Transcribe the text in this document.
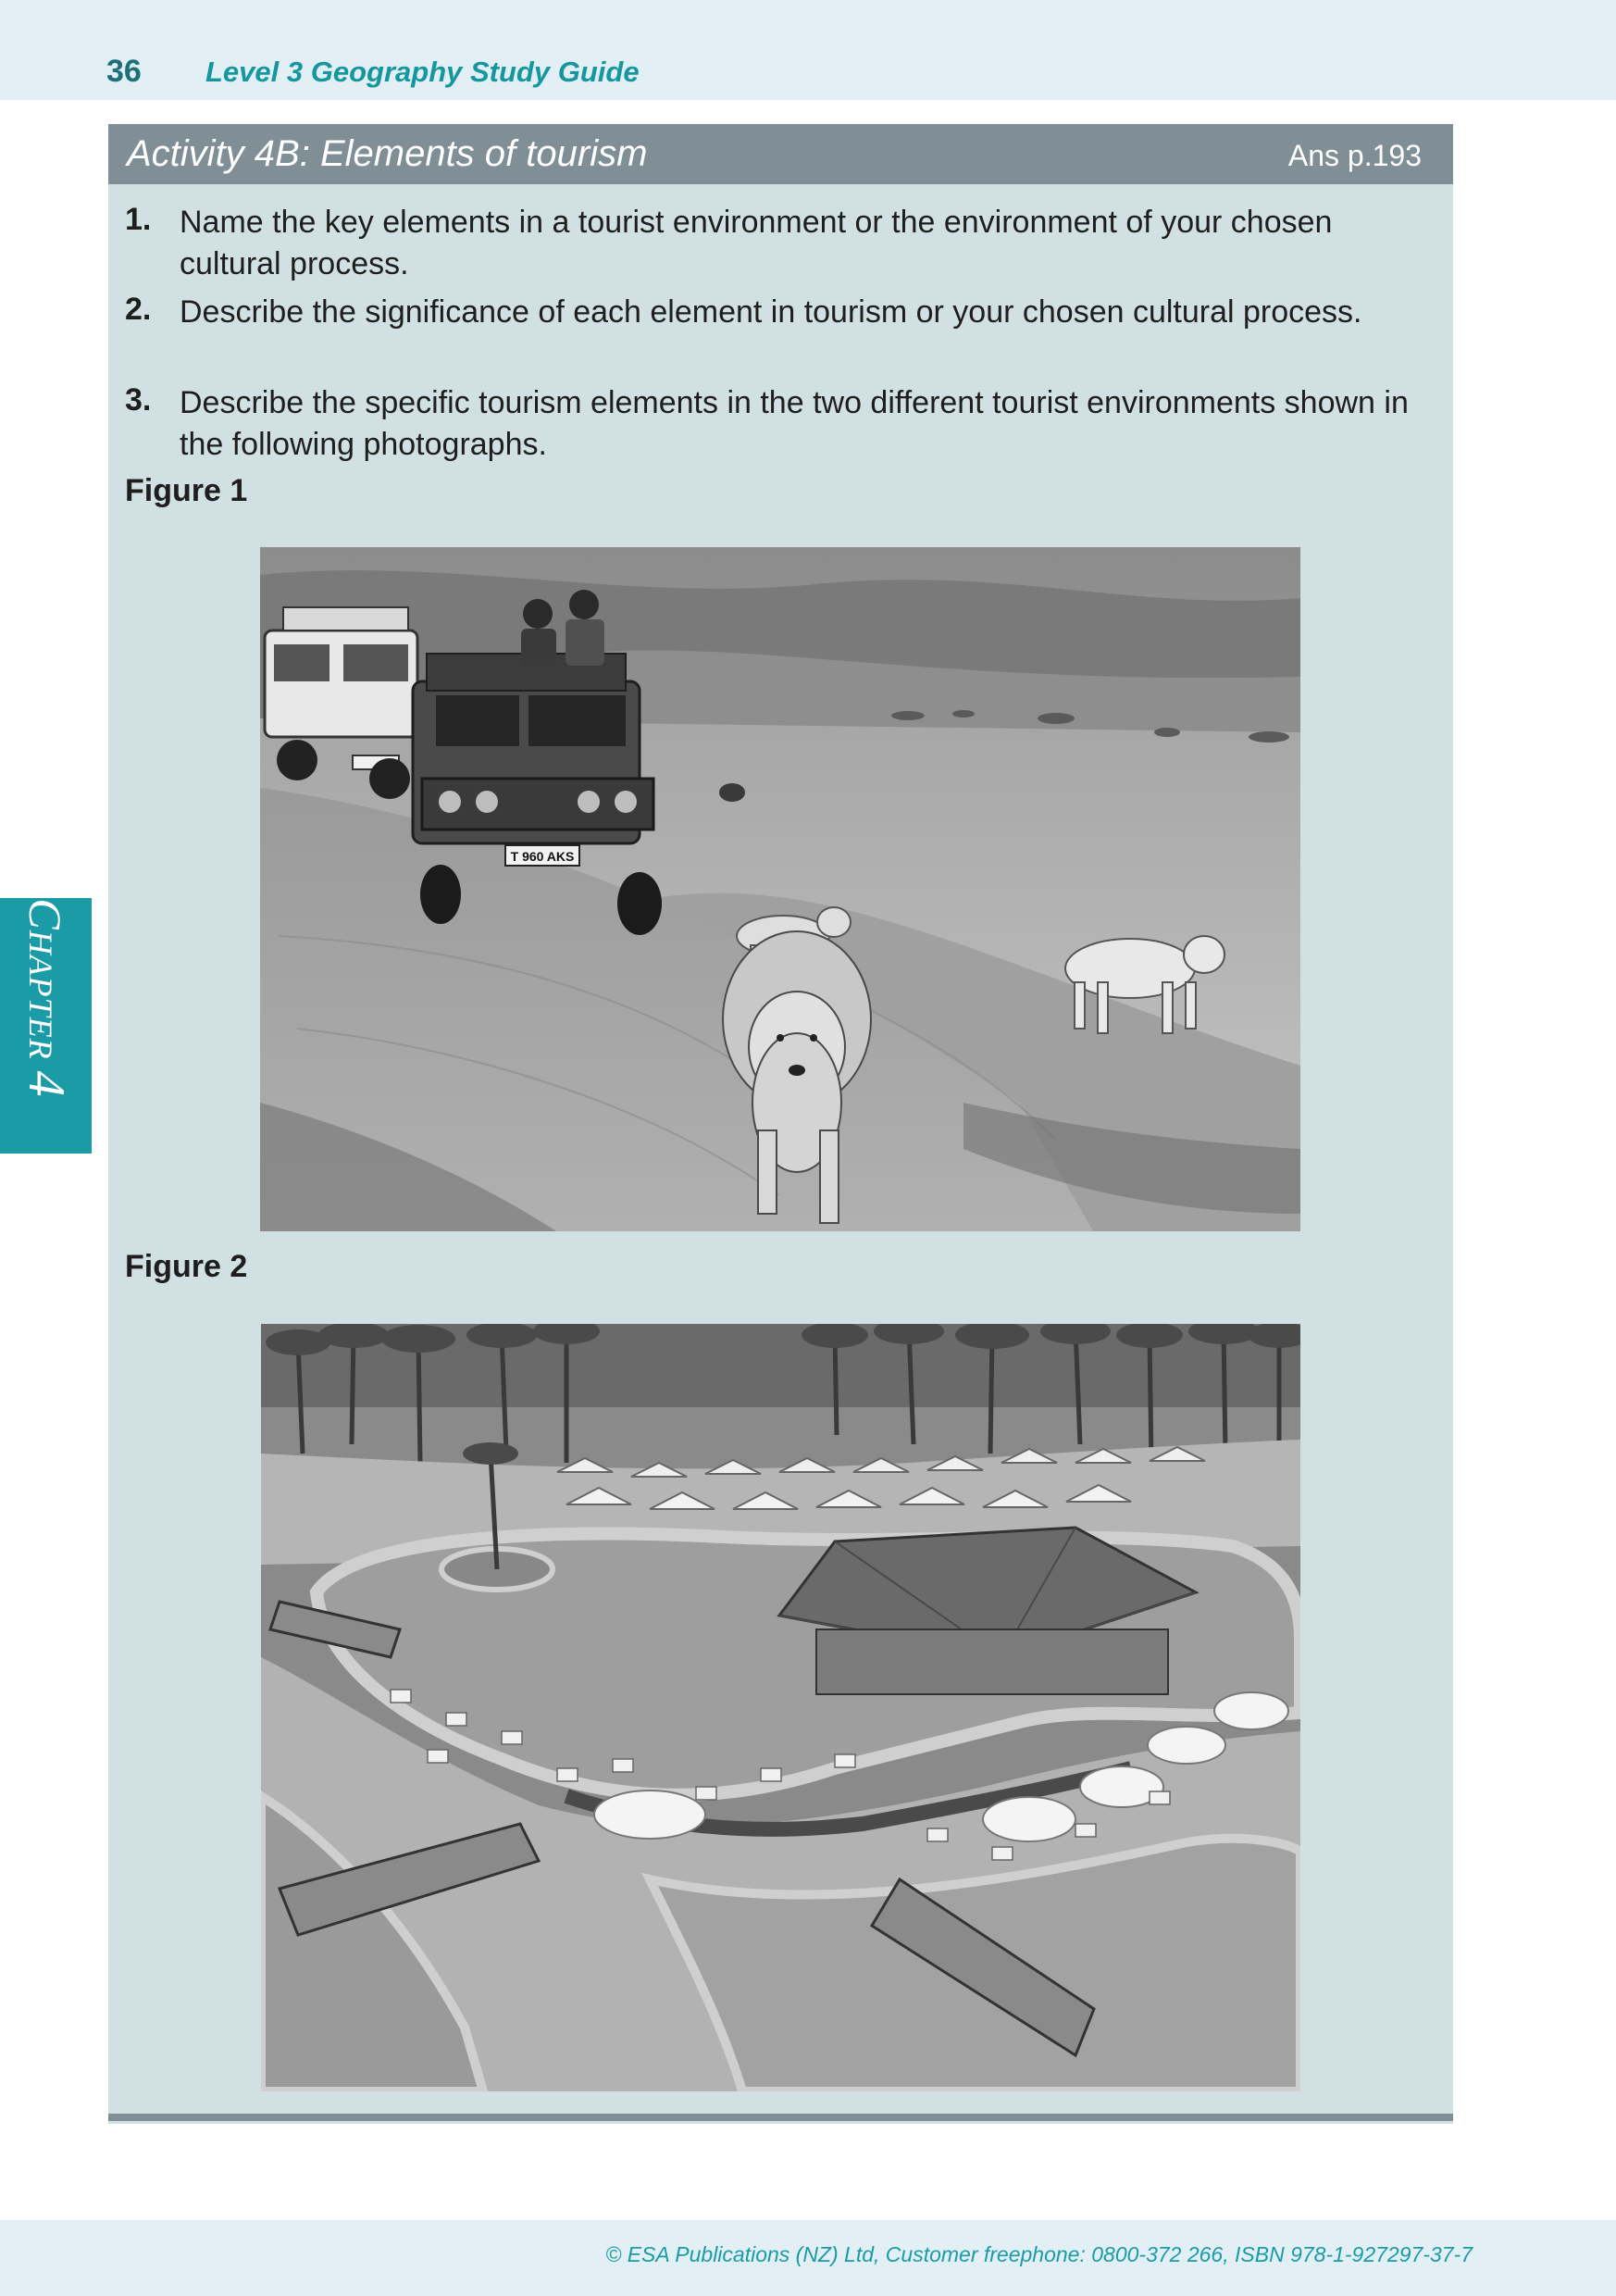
36 Level 3 Geography Study Guide
Activity 4B: Elements of tourism	Ans p.193
1. Name the key elements in a tourist environment or the environment of your chosen cultural process.
2. Describe the significance of each element in tourism or your chosen cultural process.
3. Describe the specific tourism elements in the two different tourist environments shown in the following photographs.
Figure 1
T 960 AKS
Figure 2
CHAPTER4
© ESA Publications (NZ) Ltd, Customer freephone: 0800-372 266, ISBN 978-1-927297-37-7
